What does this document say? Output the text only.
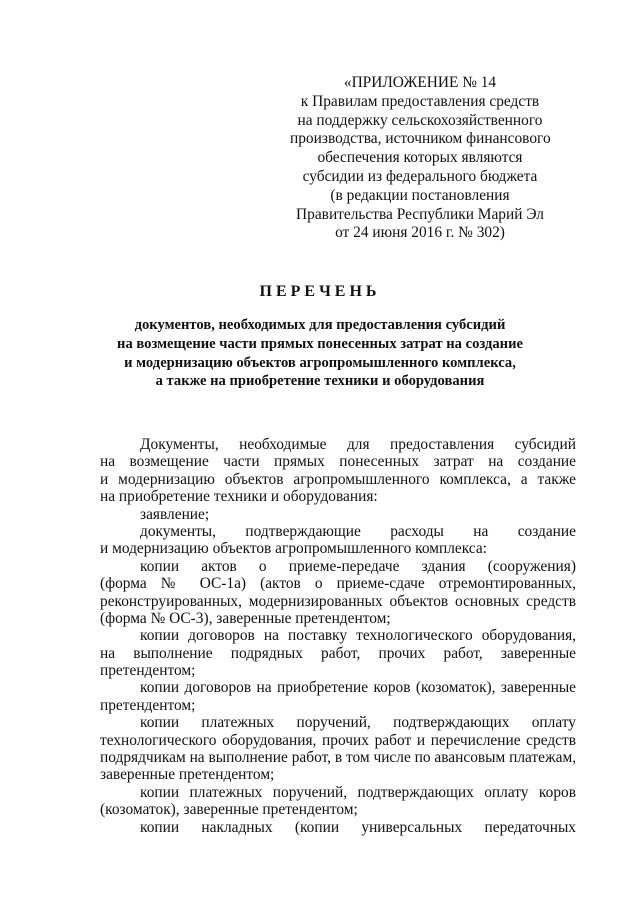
«ПРИЛОЖЕНИЕ № 14
к Правилам предоставления средств
на поддержку сельскохозяйственного
производства, источником финансового
обеспечения которых являются
субсидии из федерального бюджета
(в редакции постановления
Правительства Республики Марий Эл
от 24 июня 2016 г. № 302)
ПЕРЕЧЕНЬ
документов, необходимых для предоставления субсидий
на возмещение части прямых понесенных затрат на создание
и модернизацию объектов агропромышленного комплекса,
а также на приобретение техники и оборудования
Документы, необходимые для предоставления субсидий
на возмещение части прямых понесенных затрат на создание
и модернизацию объектов агропромышленного комплекса, а также
на приобретение техники и оборудования:
заявление;
документы, подтверждающие расходы на создание
и модернизацию объектов агропромышленного комплекса:
копии актов о приеме-передаче здания (сооружения)
(форма № ОС-1а) (актов о приеме-сдаче отремонтированных,
реконструированных, модернизированных объектов основных средств
(форма № ОС-3), заверенные претендентом;
копии договоров на поставку технологического оборудования,
на выполнение подрядных работ, прочих работ, заверенные
претендентом;
копии договоров на приобретение коров (козоматок), заверенные
претендентом;
копии платежных поручений, подтверждающих оплату
технологического оборудования, прочих работ и перечисление средств
подрядчикам на выполнение работ, в том числе по авансовым платежам,
заверенные претендентом;
копии платежных поручений, подтверждающих оплату коров
(козоматок), заверенные претендентом;
копии накладных (копии универсальных передаточных
